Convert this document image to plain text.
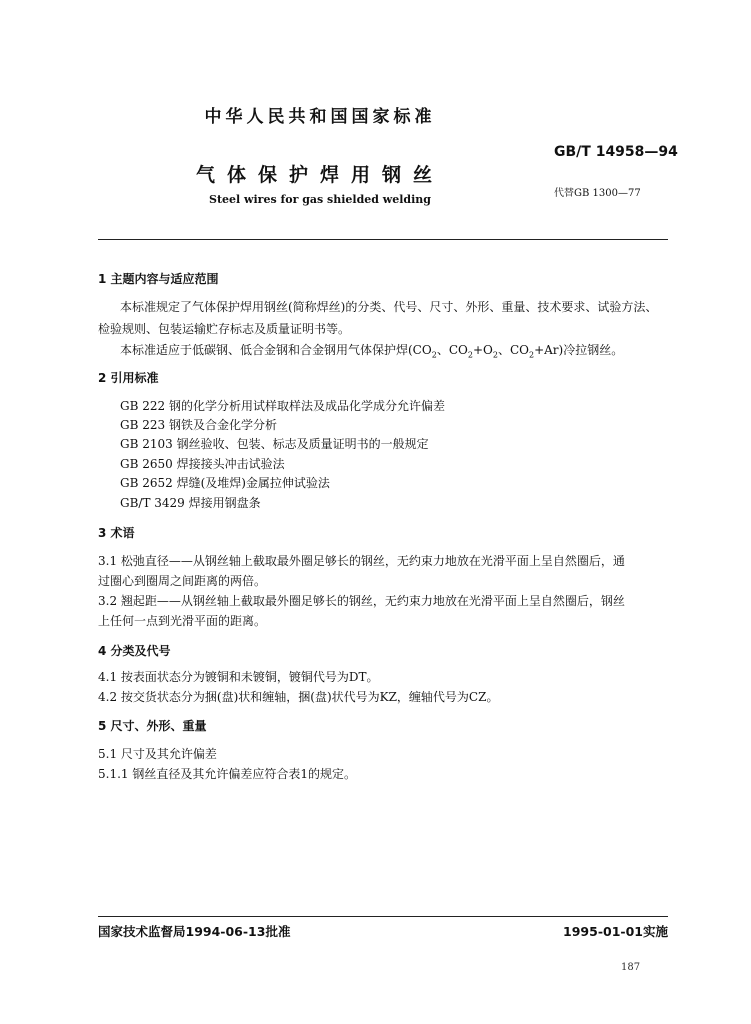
中华人民共和国国家标准
GB/T 14958—94
气体保护焊用钢丝
代替GB 1300—77
Steel wires for gas shielded welding
1 主题内容与适应范围
本标准规定了气体保护焊用钢丝(简称焊丝)的分类、代号、尺寸、外形、重量、技术要求、试验方法、
检验规则、包装运输贮存标志及质量证明书等。
本标准适应于低碳钢、低合金钢和合金钢用气体保护焊($CO_2$、$CO_2+O_2$、$CO_2+Ar$)冷拉钢丝。
2 引用标准
GB 222 钢的化学分析用试样取样法及成品化学成分允许偏差
GB 223 钢铁及合金化学分析
GB 2103 钢丝验收、包装、标志及质量证明书的一般规定
GB 2650 焊接接头冲击试验法
GB 2652 焊缝(及堆焊)金属拉伸试验法
GB/T 3429 焊接用钢盘条
3 术语
3.1 松弛直径——从钢丝轴上截取最外圈足够长的钢丝，无约束力地放在光滑平面上呈自然圈后，通
过圈心到圈周之间距离的两倍。
3.2 翘起距——从钢丝轴上截取最外圈足够长的钢丝，无约束力地放在光滑平面上呈自然圈后，钢丝
上任何一点到光滑平面的距离。
4 分类及代号
4.1 按表面状态分为镀铜和未镀铜，镀铜代号为DT。
4.2 按交货状态分为捆(盘)状和缠轴，捆(盘)状代号为KZ，缠轴代号为CZ。
5 尺寸、外形、重量
5.1 尺寸及其允许偏差
5.1.1 钢丝直径及其允许偏差应符合表1的规定。
国家技术监督局1994-06-13批准	1995-01-01实施
187
